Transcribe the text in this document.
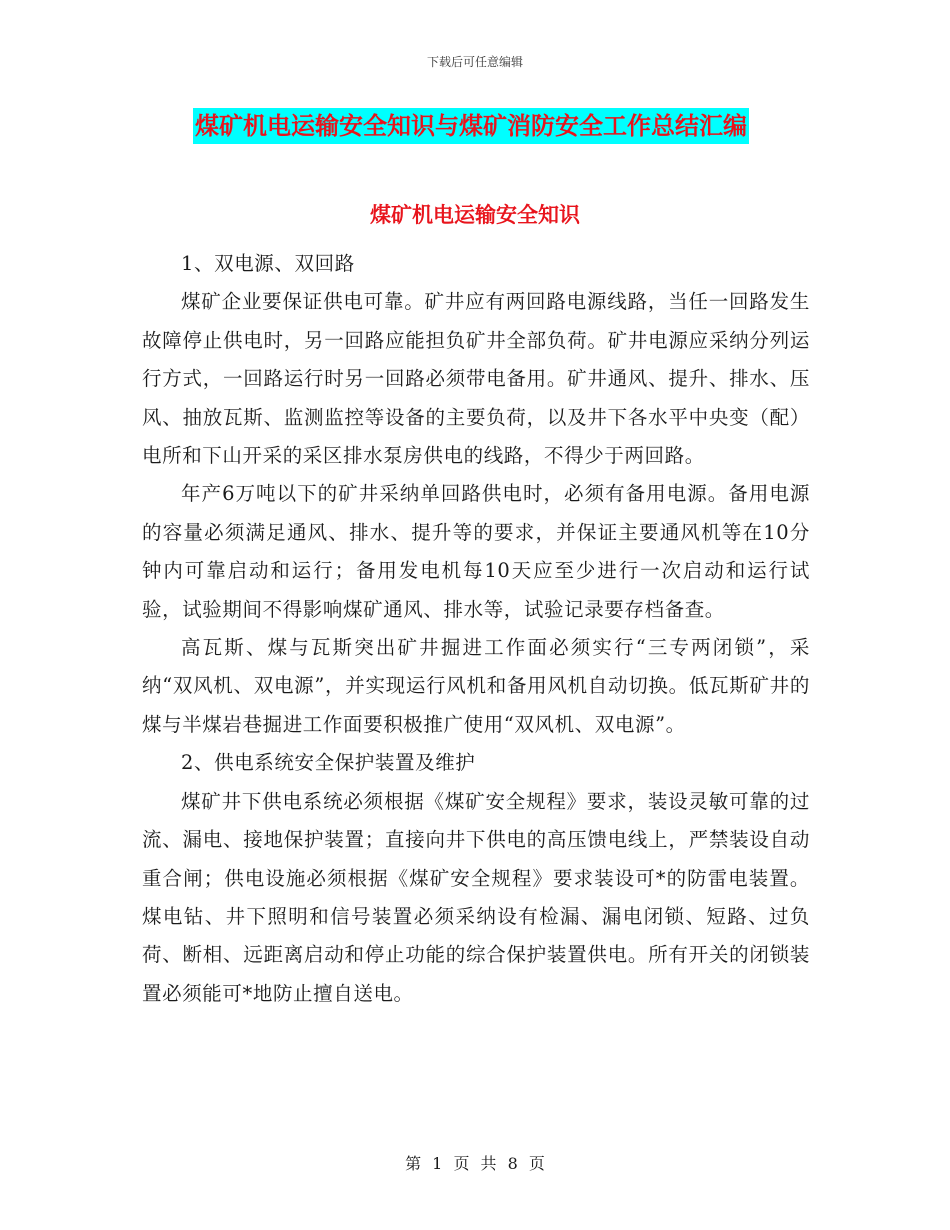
下载后可任意编辑
煤矿机电运输安全知识与煤矿消防安全工作总结汇编
煤矿机电运输安全知识

1、双电源、双回路

煤矿企业要保证供电可靠。矿井应有两回路电源线路，当任一回路发生故障停止供电时，另一回路应能担负矿井全部负荷。矿井电源应采纳分列运行方式，一回路运行时另一回路必须带电备用。矿井通风、提升、排水、压风、抽放瓦斯、监测监控等设备的主要负荷，以及井下各水平中央变（配）电所和下山开采的采区排水泵房供电的线路，不得少于两回路。

年产6万吨以下的矿井采纳单回路供电时，必须有备用电源。备用电源的容量必须满足通风、排水、提升等的要求，并保证主要通风机等在10分钟内可靠启动和运行；备用发电机每10天应至少进行一次启动和运行试验，试验期间不得影响煤矿通风、排水等，试验记录要存档备查。

高瓦斯、煤与瓦斯突出矿井掘进工作面必须实行“三专两闭锁”，采纳“双风机、双电源”，并实现运行风机和备用风机自动切换。低瓦斯矿井的煤与半煤岩巷掘进工作面要积极推广使用“双风机、双电源”。

2、供电系统安全保护装置及维护

煤矿井下供电系统必须根据《煤矿安全规程》要求，装设灵敏可靠的过流、漏电、接地保护装置；直接向井下供电的高压馈电线上，严禁装设自动重合闸；供电设施必须根据《煤矿安全规程》要求装设可*的防雷电装置。煤电钻、井下照明和信号装置必须采纳设有检漏、漏电闭锁、短路、过负荷、断相、远距离启动和停止功能的综合保护装置供电。所有开关的闭锁装置必须能可*地防止擅自送电。

第 1 页 共 8 页
